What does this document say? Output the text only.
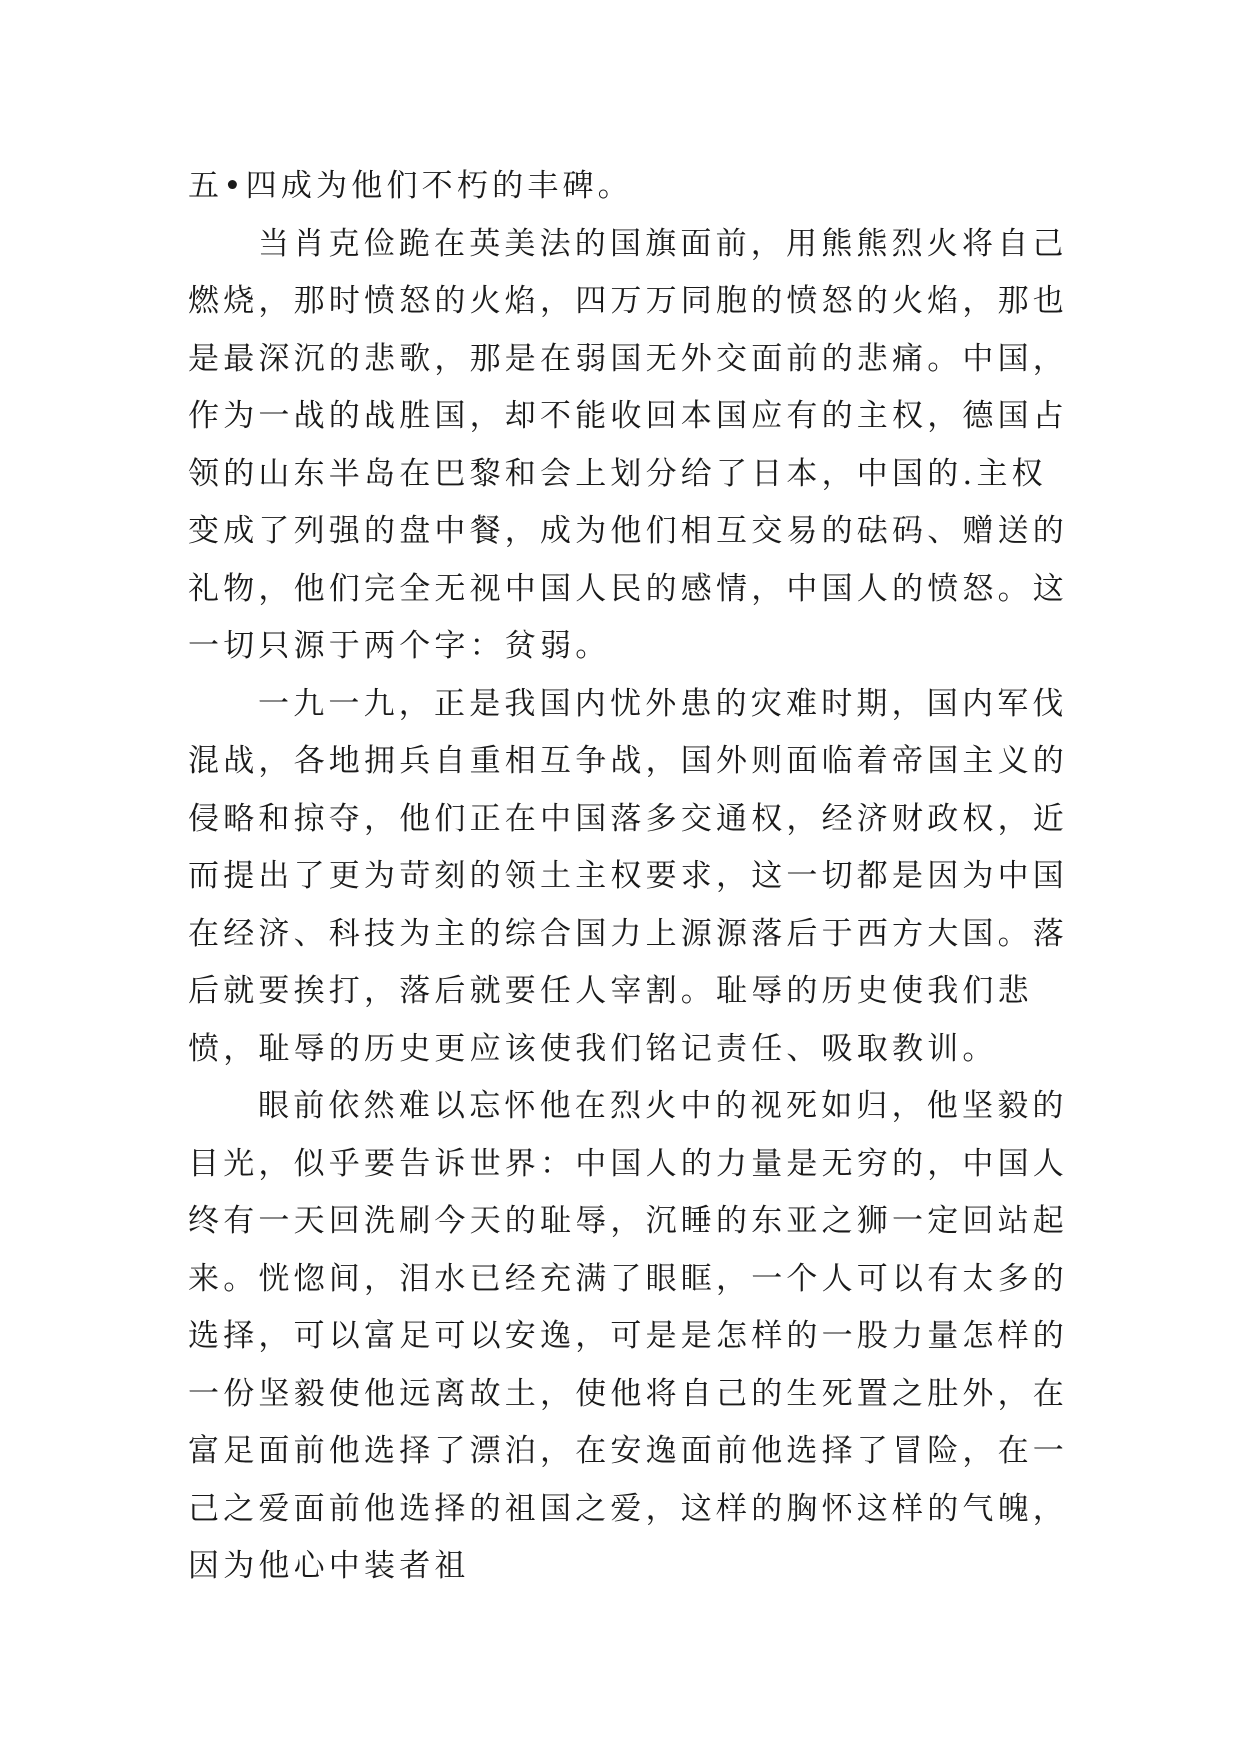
五•四成为他们不朽的丰碑。

当肖克俭跪在英美法的国旗面前，用熊熊烈火将自己燃烧，那时愤怒的火焰，四万万同胞的愤怒的火焰，那也是最深沉的悲歌，那是在弱国无外交面前的悲痛。中国，作为一战的战胜国，却不能收回本国应有的主权，德国占领的山东半岛在巴黎和会上划分给了日本，中国的.主权变成了列强的盘中餐，成为他们相互交易的砝码、赠送的礼物，他们完全无视中国人民的感情，中国人的愤怒。这一切只源于两个字：贫弱。

一九一九，正是我国内忧外患的灾难时期，国内军伐混战，各地拥兵自重相互争战，国外则面临着帝国主义的侵略和掠夺，他们正在中国落多交通权，经济财政权，近而提出了更为苛刻的领土主权要求，这一切都是因为中国在经济、科技为主的综合国力上源源落后于西方大国。落后就要挨打，落后就要任人宰割。耻辱的历史使我们悲愤，耻辱的历史更应该使我们铭记责任、吸取教训。

眼前依然难以忘怀他在烈火中的视死如归，他坚毅的目光，似乎要告诉世界：中国人的力量是无穷的，中国人终有一天回洗刷今天的耻辱，沉睡的东亚之狮一定回站起来。恍惚间，泪水已经充满了眼眶，一个人可以有太多的选择，可以富足可以安逸，可是是怎样的一股力量怎样的一份坚毅使他远离故土，使他将自己的生死置之肚外，在富足面前他选择了漂泊，在安逸面前他选择了冒险，在一己之爱面前他选择的祖国之爱，这样的胸怀这样的气魄，因为他心中装者祖
